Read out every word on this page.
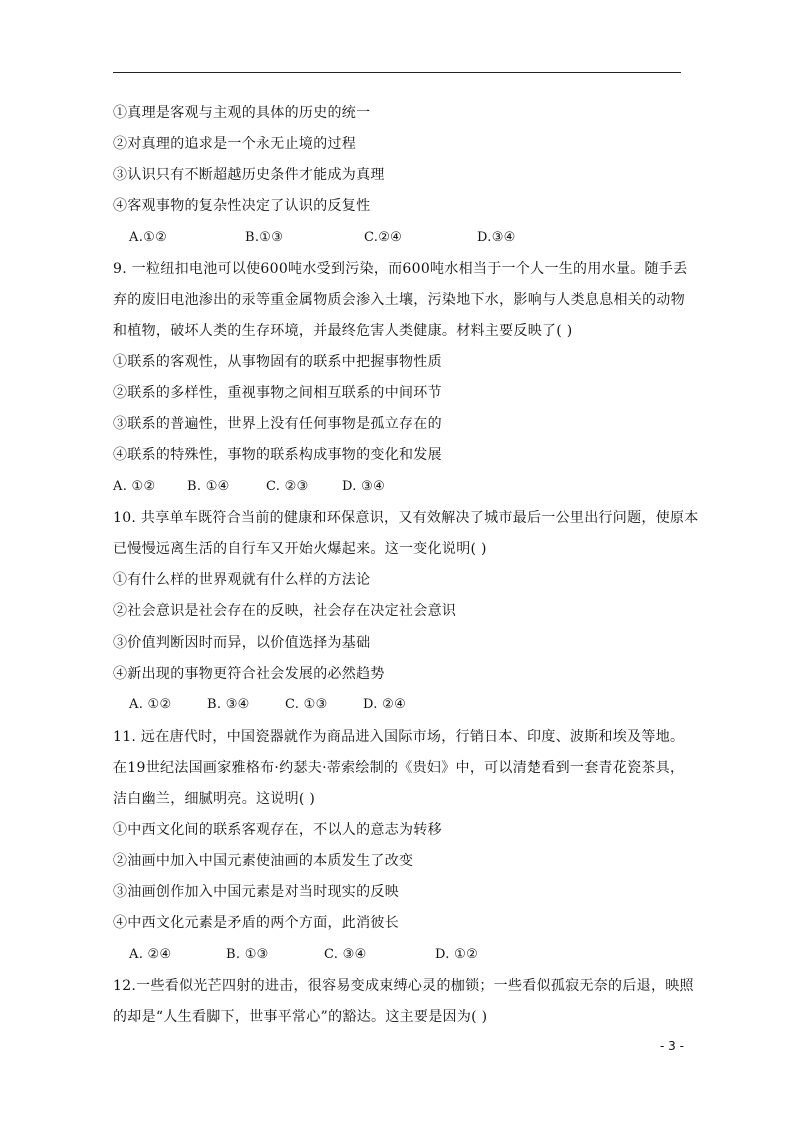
①真理是客观与主观的具体的历史的统一
②对真理的追求是一个永无止境的过程
③认识只有不断超越历史条件才能成为真理
④客观事物的复杂性决定了认识的反复性
A.①②	B.①③	C.②④	D.③④
9. 一粒纽扣电池可以使600吨水受到污染，而600吨水相当于一个人一生的用水量。随手丢
弃的废旧电池渗出的汞等重金属物质会渗入土壤，污染地下水，影响与人类息息相关的动物
和植物，破坏人类的生存环境，并最终危害人类健康。材料主要反映了( )
①联系的客观性，从事物固有的联系中把握事物性质
②联系的多样性，重视事物之间相互联系的中间环节
③联系的普遍性，世界上没有任何事物是孤立存在的
④联系的特殊性，事物的联系构成事物的变化和发展
A. ①② B. ①④	C. ②③	D. ③④
10. 共享单车既符合当前的健康和环保意识，又有效解决了城市最后一公里出行问题，使原本
已慢慢远离生活的自行车又开始火爆起来。这一变化说明( )
①有什么样的世界观就有什么样的方法论
②社会意识是社会存在的反映，社会存在决定社会意识
③价值判断因时而异，以价值选择为基础
④新出现的事物更符合社会发展的必然趋势
A. ①②	B. ③④	C. ①③	D. ②④
11. 远在唐代时，中国瓷器就作为商品进入国际市场，行销日本、印度、波斯和埃及等地。
在19世纪法国画家雅格布·约瑟夫·蒂索绘制的《贵妇》中，可以清楚看到一套青花瓷茶具，
洁白幽兰，细腻明亮。这说明( )
①中西文化间的联系客观存在，不以人的意志为转移
②油画中加入中国元素使油画的本质发生了改变
③油画创作加入中国元素是对当时现实的反映
④中西文化元素是矛盾的两个方面，此消彼长
A. ②④	B. ①③	C. ③④	D. ①②
12.一些看似光芒四射的进击，很容易变成束缚心灵的枷锁；一些看似孤寂无奈的后退，映照
的却是“人生看脚下，世事平常心”的豁达。这主要是因为( )
- 3 -
